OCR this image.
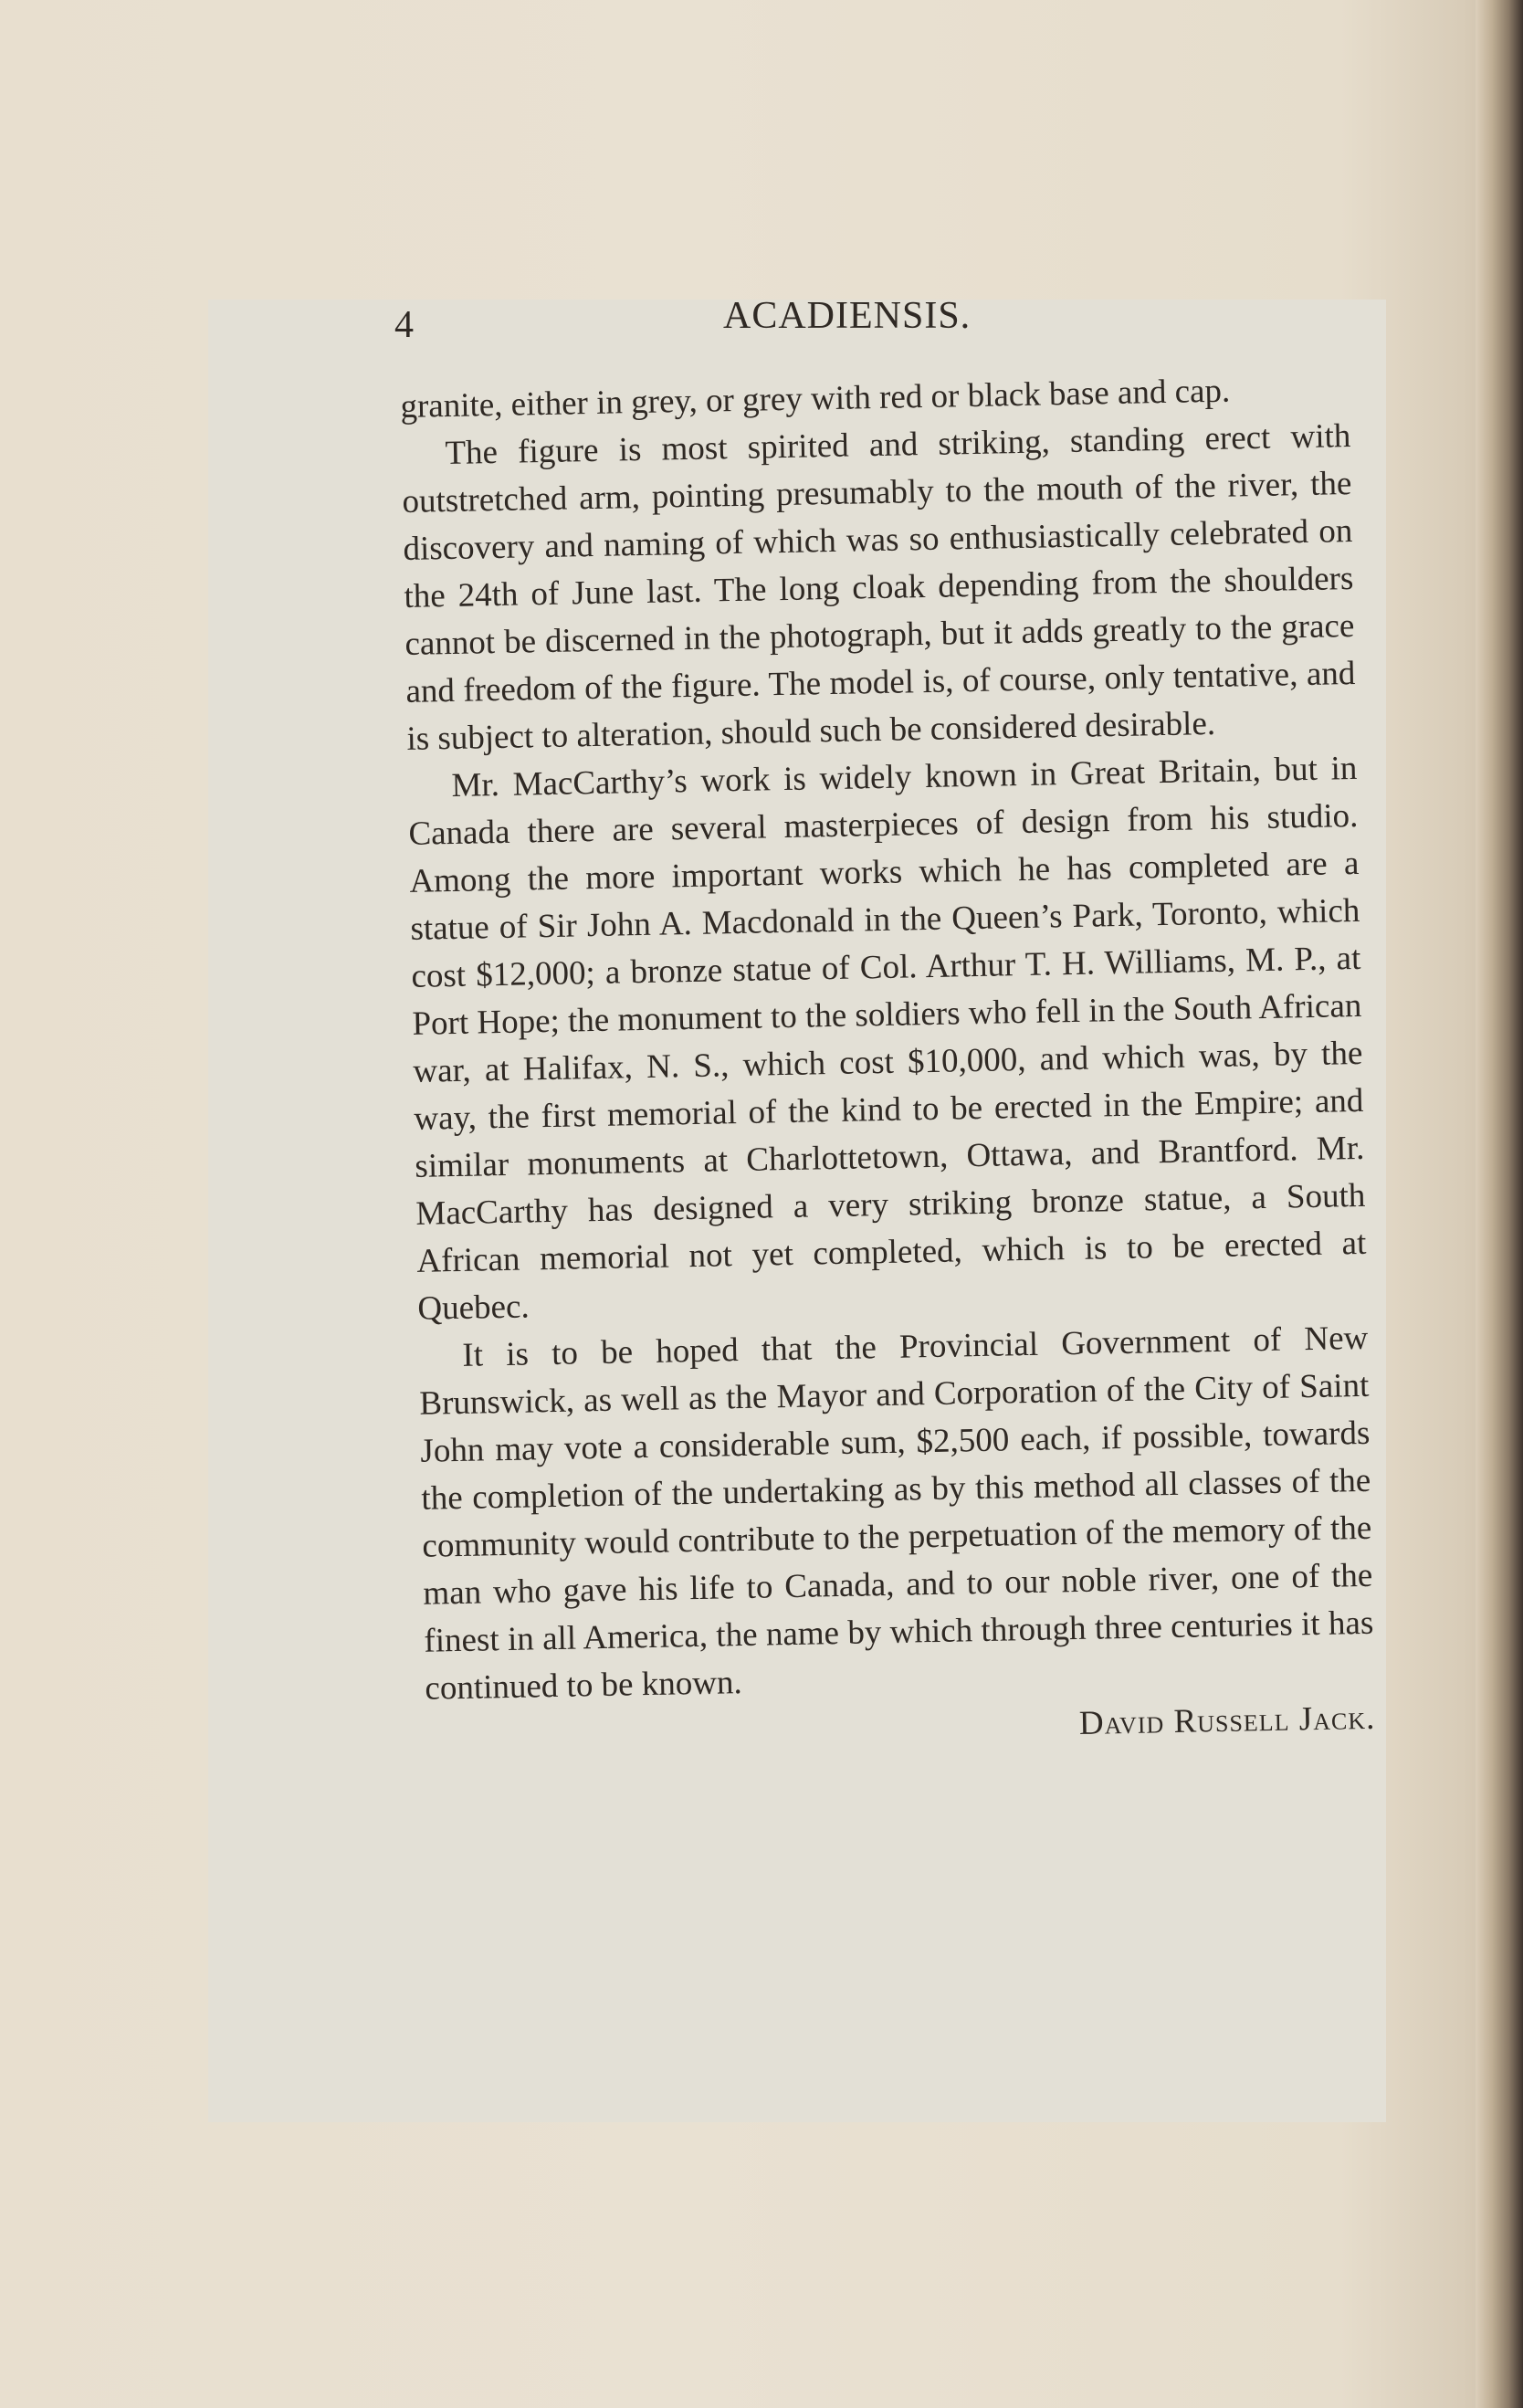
4	ACADIENSIS.

granite, either in grey, or grey with red or black base and cap.

The figure is most spirited and striking, standing erect with outstretched arm, pointing presumably to the mouth of the river, the discovery and naming of which was so enthusiastically celebrated on the 24th of June last. The long cloak depending from the shoulders cannot be discerned in the photograph, but it adds greatly to the grace and freedom of the figure. The model is, of course, only tentative, and is subject to alteration, should such be considered desirable.

Mr. MacCarthy’s work is widely known in Great Britain, but in Canada there are several masterpieces of design from his studio. Among the more important works which he has completed are a statue of Sir John A. Macdonald in the Queen’s Park, Toronto, which cost $12,000; a bronze statue of Col. Arthur T. H. Williams, M. P., at Port Hope; the monument to the soldiers who fell in the South African war, at Halifax, N. S., which cost $10,000, and which was, by the way, the first memorial of the kind to be erected in the Empire; and similar monuments at Charlottetown, Ottawa, and Brantford. Mr. MacCarthy has designed a very striking bronze statue, a South African memorial not yet completed, which is to be erected at Quebec.

It is to be hoped that the Provincial Government of New Brunswick, as well as the Mayor and Corporation of the City of Saint John may vote a considerable sum, $2,500 each, if possible, towards the completion of the undertaking as by this method all classes of the community would contribute to the perpetuation of the memory of the man who gave his life to Canada, and to our noble river, one of the finest in all America, the name by which through three centuries it has continued to be known.

David Russell Jack.
